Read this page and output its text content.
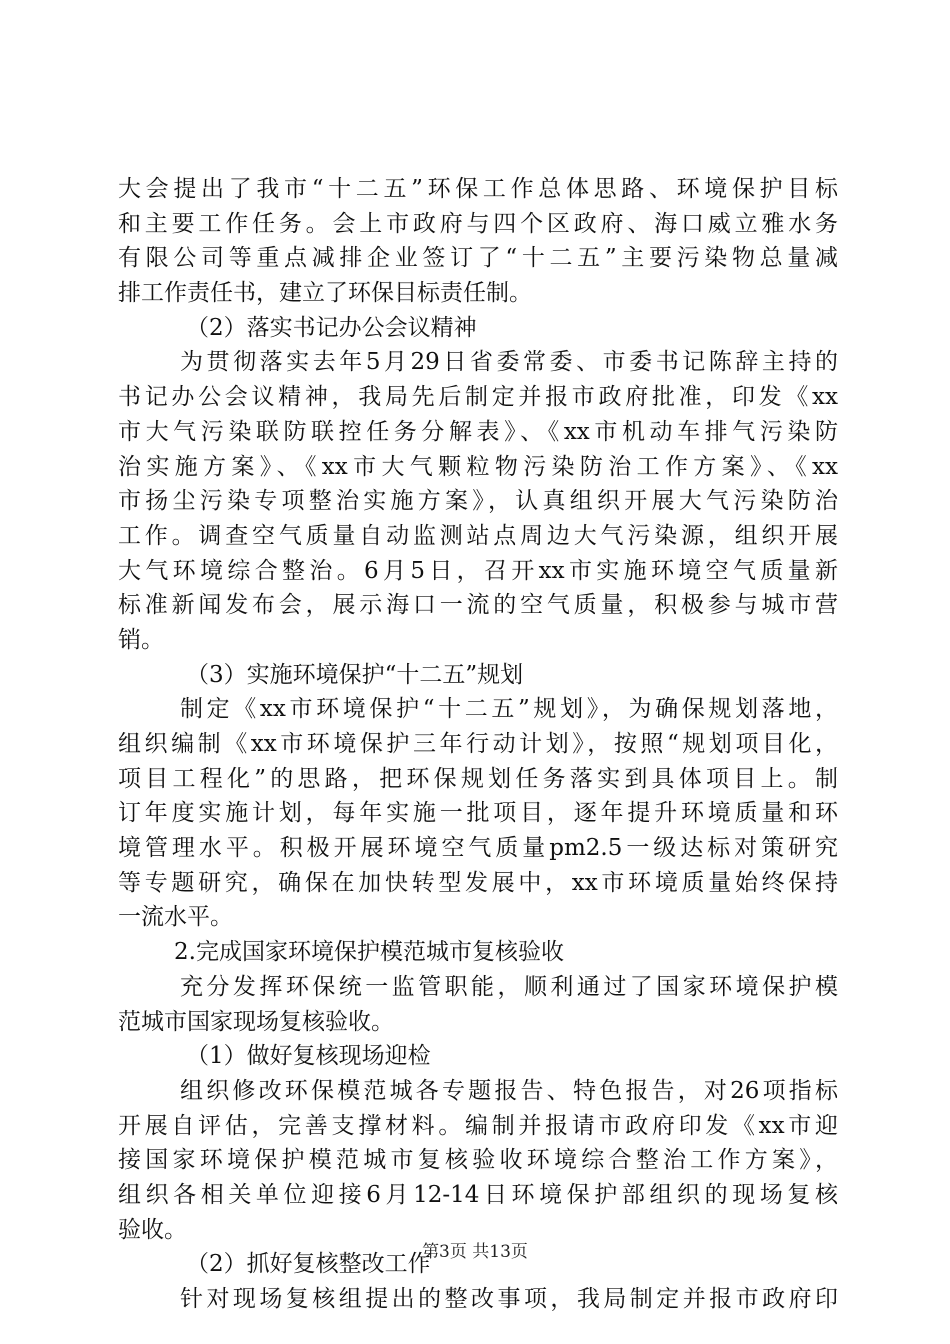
大会提出了我市“十二五”环保工作总体思路、环境保护目标
和主要工作任务。会上市政府与四个区政府、海口威立雅水务
有限公司等重点减排企业签订了“十二五”主要污染物总量减
排工作责任书，建立了环保目标责任制。
（2）落实书记办公会议精神
为贯彻落实去年5月29日省委常委、市委书记陈辞主持的
书记办公会议精神，我局先后制定并报市政府批准，印发《xx
市大气污染联防联控任务分解表》、《xx市机动车排气污染防
治实施方案》、《xx市大气颗粒物污染防治工作方案》、《xx
市扬尘污染专项整治实施方案》，认真组织开展大气污染防治
工作。调查空气质量自动监测站点周边大气污染源，组织开展
大气环境综合整治。6月5日，召开xx市实施环境空气质量新
标准新闻发布会，展示海口一流的空气质量，积极参与城市营
销。
（3）实施环境保护“十二五”规划
制定《xx市环境保护“十二五”规划》，为确保规划落地，
组织编制《xx市环境保护三年行动计划》，按照“规划项目化，
项目工程化”的思路，把环保规划任务落实到具体项目上。制
订年度实施计划，每年实施一批项目，逐年提升环境质量和环
境管理水平。积极开展环境空气质量pm2.5一级达标对策研究
等专题研究，确保在加快转型发展中，xx市环境质量始终保持
一流水平。
2.完成国家环境保护模范城市复核验收
充分发挥环保统一监管职能，顺利通过了国家环境保护模
范城市国家现场复核验收。
（1）做好复核现场迎检
组织修改环保模范城各专题报告、特色报告，对26项指标
开展自评估，完善支撑材料。编制并报请市政府印发《xx市迎
接国家环境保护模范城市复核验收环境综合整治工作方案》，
组织各相关单位迎接6月12-14日环境保护部组织的现场复核
验收。
（2）抓好复核整改工作
针对现场复核组提出的整改事项，我局制定并报市政府印
第3页 共13页
